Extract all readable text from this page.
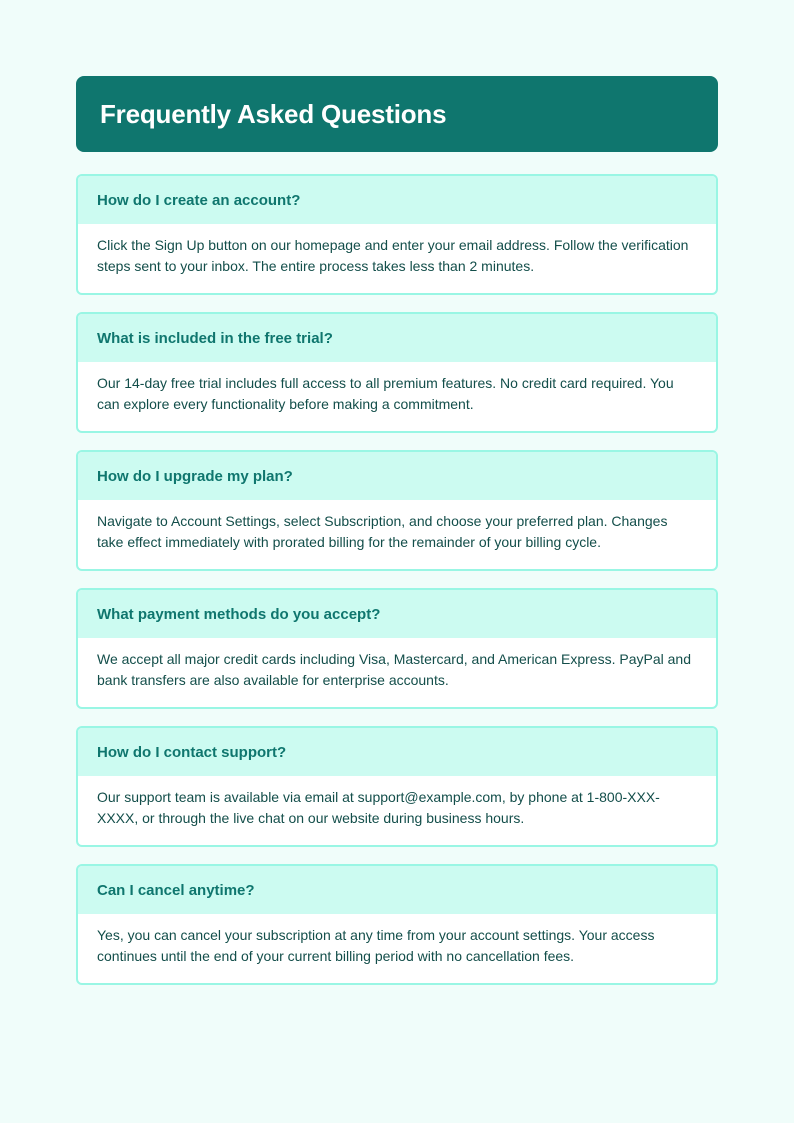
Frequently Asked Questions
How do I create an account?
Click the Sign Up button on our homepage and enter your email address. Follow the verification steps sent to your inbox. The entire process takes less than 2 minutes.
What is included in the free trial?
Our 14-day free trial includes full access to all premium features. No credit card required. You can explore every functionality before making a commitment.
How do I upgrade my plan?
Navigate to Account Settings, select Subscription, and choose your preferred plan. Changes take effect immediately with prorated billing for the remainder of your billing cycle.
What payment methods do you accept?
We accept all major credit cards including Visa, Mastercard, and American Express. PayPal and bank transfers are also available for enterprise accounts.
How do I contact support?
Our support team is available via email at support@example.com, by phone at 1-800-XXX-XXXX, or through the live chat on our website during business hours.
Can I cancel anytime?
Yes, you can cancel your subscription at any time from your account settings. Your access continues until the end of your current billing period with no cancellation fees.
